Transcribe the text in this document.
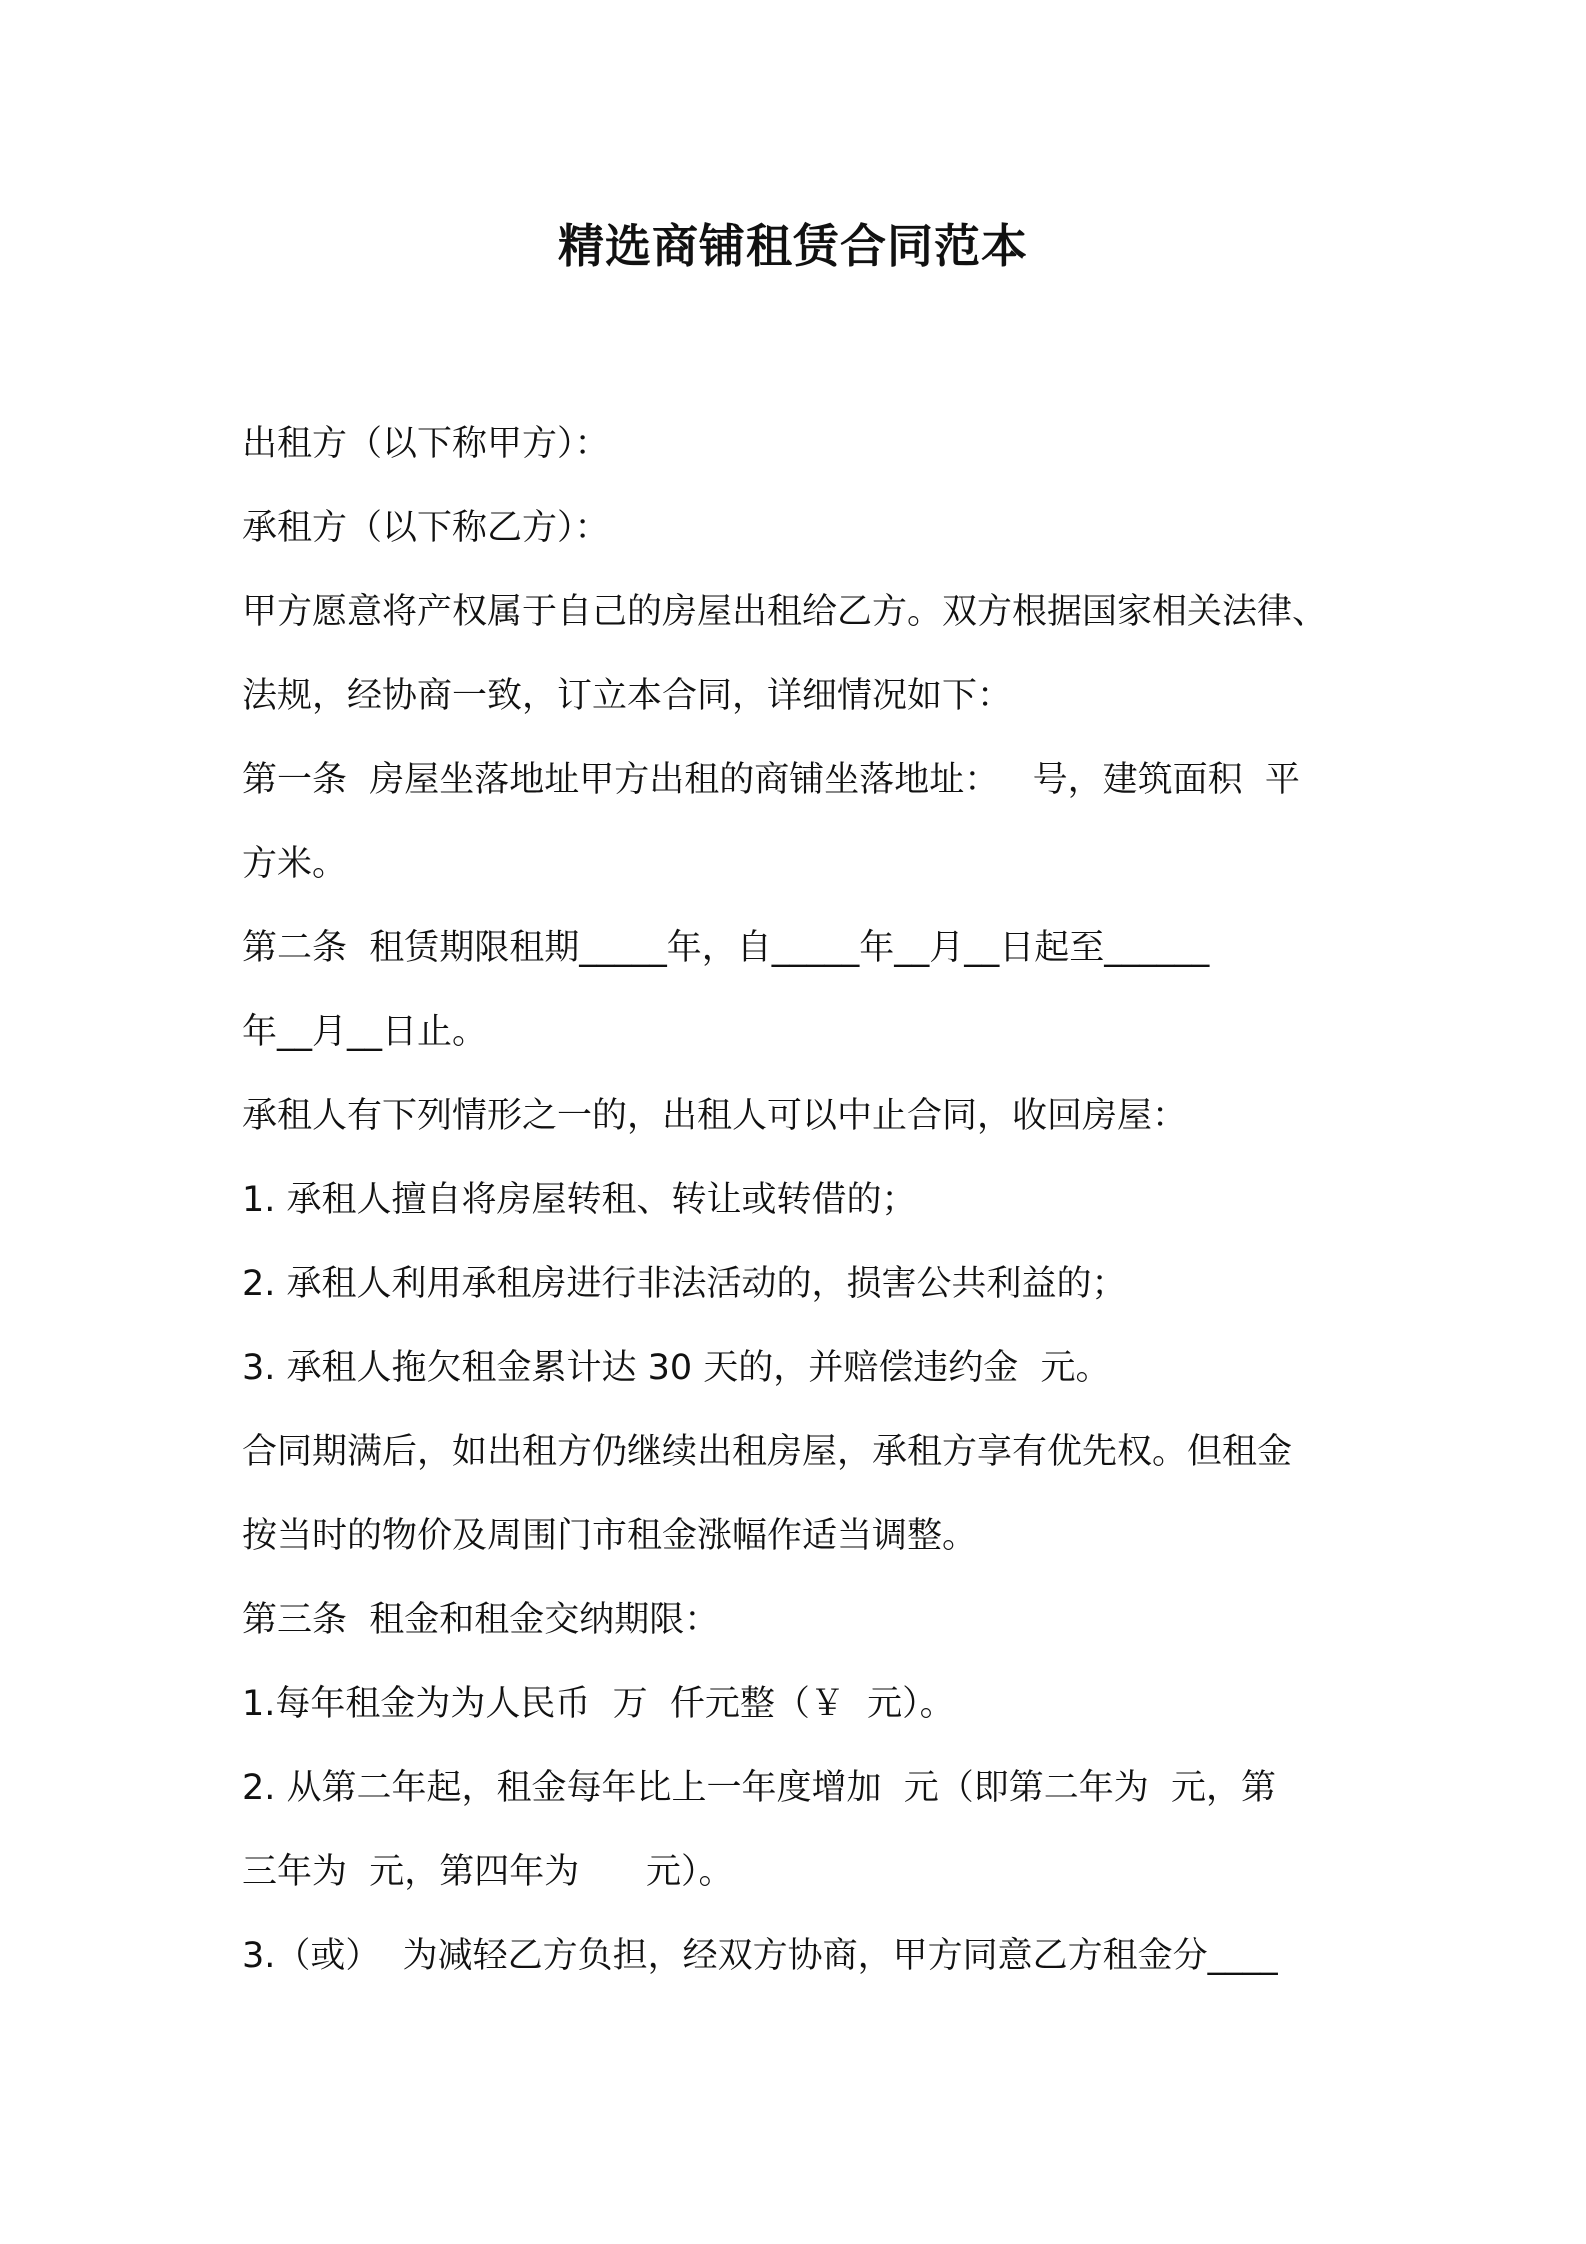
精选商铺租赁合同范本

出租方（以下称甲方）：

承租方（以下称乙方）：

甲方愿意将产权属于自己的房屋出租给乙方。双方根据国家相关法律、

法规，经协商一致，订立本合同，详细情况如下：

第一条  房屋坐落地址甲方出租的商铺坐落地址：   号，建筑面积  平

方米。

第二条  租赁期限租期_____年，自_____年__月__日起至______

年__月__日止。

承租人有下列情形之一的，出租人可以中止合同，收回房屋：

1. 承租人擅自将房屋转租、转让或转借的；

2. 承租人利用承租房进行非法活动的，损害公共利益的；

3. 承租人拖欠租金累计达 30 天的，并赔偿违约金  元。

合同期满后，如出租方仍继续出租房屋，承租方享有优先权。但租金

按当时的物价及周围门市租金涨幅作适当调整。

第三条  租金和租金交纳期限：

1.每年租金为为人民币  万  仟元整（￥  元）。

2. 从第二年起，租金每年比上一年度增加  元（即第二年为  元，第

三年为  元，第四年为      元）。

3.（或）  为减轻乙方负担，经双方协商，甲方同意乙方租金分____
